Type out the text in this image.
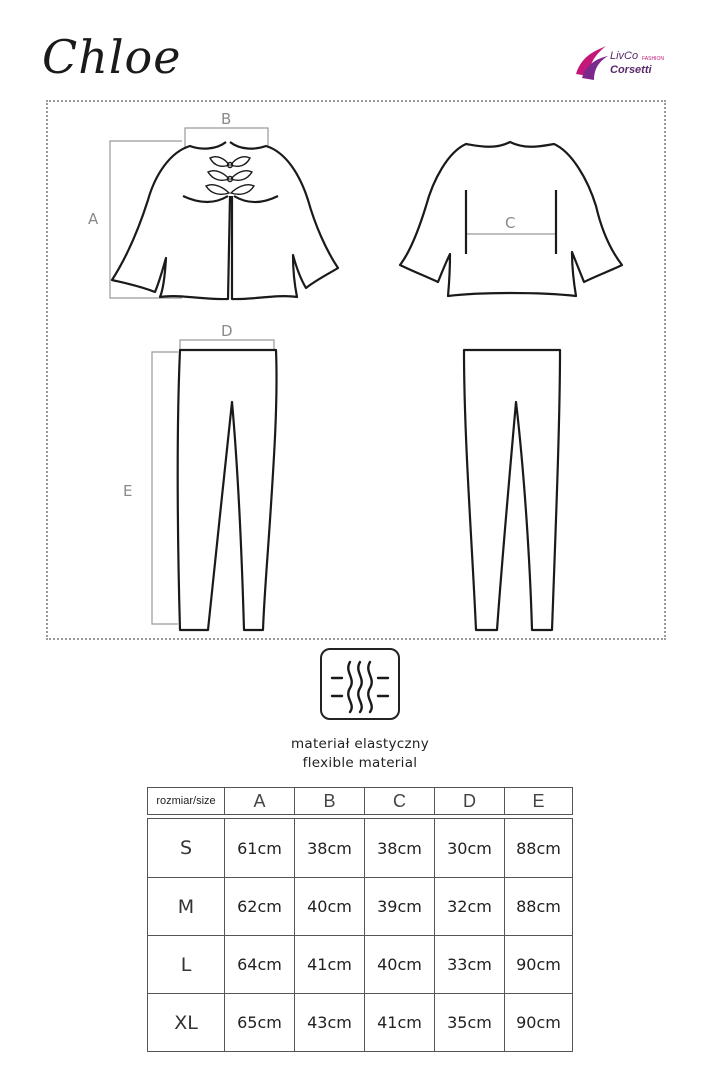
Chloe	LivCo FASHION
Corsetti
A
B
C
D
E
materiał elastyczny
flexible material
rozmiar/size	A	B	C	D	E
S	61cm	38cm	38cm	30cm	88cm
M	62cm	40cm	39cm	32cm	88cm
L	64cm	41cm	40cm	33cm	90cm
XL	65cm	43cm	41cm	35cm	90cm
